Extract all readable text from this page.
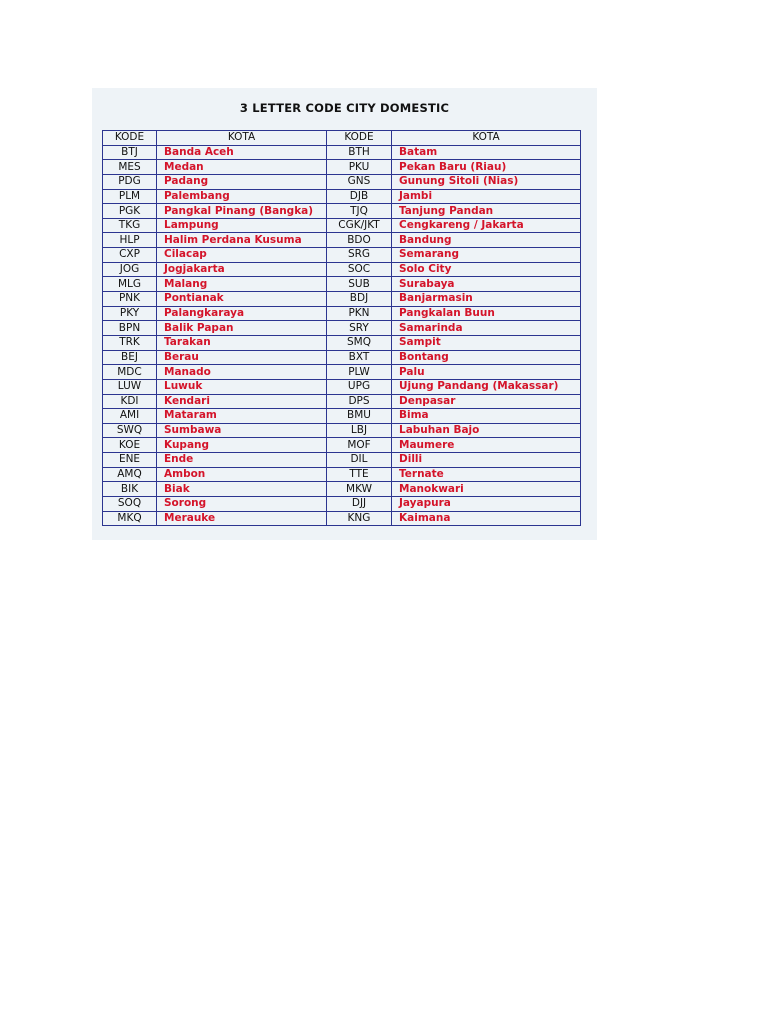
3 LETTER CODE CITY DOMESTIC
KODE	KOTA	KODE	KOTA
BTJ	Banda Aceh	BTH	Batam
MES	Medan	PKU	Pekan Baru (Riau)
PDG	Padang	GNS	Gunung Sitoli (Nias)
PLM	Palembang	DJB	Jambi
PGK	Pangkal Pinang (Bangka)	TJQ	Tanjung Pandan
TKG	Lampung	CGK/JKT	Cengkareng / Jakarta
HLP	Halim Perdana Kusuma	BDO	Bandung
CXP	Cilacap	SRG	Semarang
JOG	Jogjakarta	SOC	Solo City
MLG	Malang	SUB	Surabaya
PNK	Pontianak	BDJ	Banjarmasin
PKY	Palangkaraya	PKN	Pangkalan Buun
BPN	Balik Papan	SRY	Samarinda
TRK	Tarakan	SMQ	Sampit
BEJ	Berau	BXT	Bontang
MDC	Manado	PLW	Palu
LUW	Luwuk	UPG	Ujung Pandang (Makassar)
KDI	Kendari	DPS	Denpasar
AMI	Mataram	BMU	Bima
SWQ	Sumbawa	LBJ	Labuhan Bajo
KOE	Kupang	MOF	Maumere
ENE	Ende	DIL	Dilli
AMQ	Ambon	TTE	Ternate
BIK	Biak	MKW	Manokwari
SOQ	Sorong	DJJ	Jayapura
MKQ	Merauke	KNG	Kaimana
